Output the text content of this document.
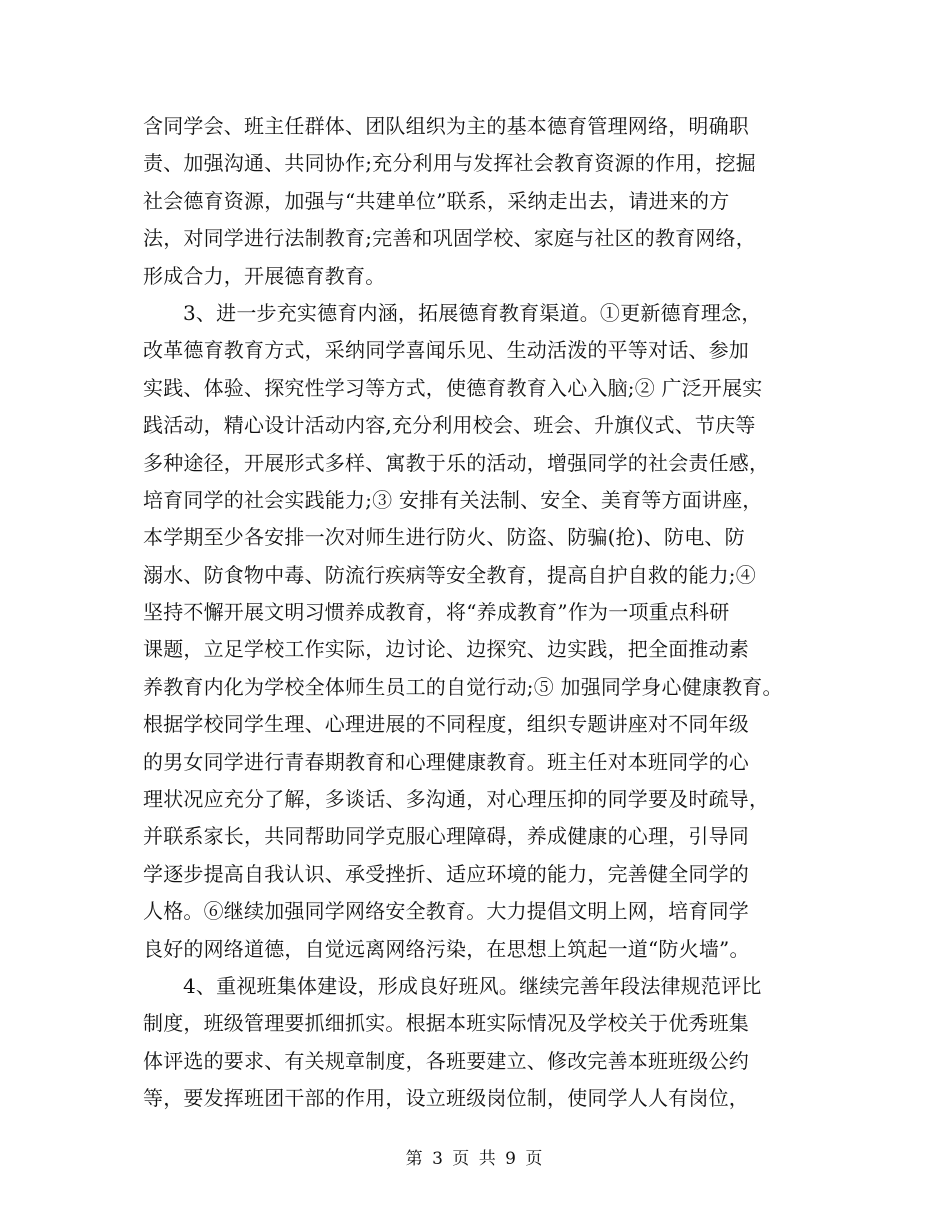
含同学会、班主任群体、团队组织为主的基本德育管理网络，明确职
责、加强沟通、共同协作;充分利用与发挥社会教育资源的作用，挖掘
社会德育资源，加强与“共建单位”联系，采纳走出去，请进来的方
法，对同学进行法制教育;完善和巩固学校、家庭与社区的教育网络，
形成合力，开展德育教育。
3、进一步充实德育内涵，拓展德育教育渠道。①更新德育理念，
改革德育教育方式，采纳同学喜闻乐见、生动活泼的平等对话、参加
实践、体验、探究性学习等方式，使德育教育入心入脑;② 广泛开展实
践活动，精心设计活动内容,充分利用校会、班会、升旗仪式、节庆等
多种途径，开展形式多样、寓教于乐的活动，增强同学的社会责任感，
培育同学的社会实践能力;③ 安排有关法制、安全、美育等方面讲座，
本学期至少各安排一次对师生进行防火、防盗、防骗(抢)、防电、防
溺水、防食物中毒、防流行疾病等安全教育，提高自护自救的能力;④
坚持不懈开展文明习惯养成教育，将“养成教育”作为一项重点科研
课题，立足学校工作实际，边讨论、边探究、边实践，把全面推动素
养教育内化为学校全体师生员工的自觉行动;⑤ 加强同学身心健康教育。
根据学校同学生理、心理进展的不同程度，组织专题讲座对不同年级
的男女同学进行青春期教育和心理健康教育。班主任对本班同学的心
理状况应充分了解，多谈话、多沟通，对心理压抑的同学要及时疏导，
并联系家长，共同帮助同学克服心理障碍，养成健康的心理，引导同
学逐步提高自我认识、承受挫折、适应环境的能力，完善健全同学的
人格。⑥继续加强同学网络安全教育。大力提倡文明上网，培育同学
良好的网络道德，自觉远离网络污染，在思想上筑起一道“防火墙”。
4、重视班集体建设，形成良好班风。继续完善年段法律规范评比
制度，班级管理要抓细抓实。根据本班实际情况及学校关于优秀班集
体评选的要求、有关规章制度，各班要建立、修改完善本班班级公约
等，要发挥班团干部的作用，设立班级岗位制，使同学人人有岗位，
第 3 页 共 9 页
